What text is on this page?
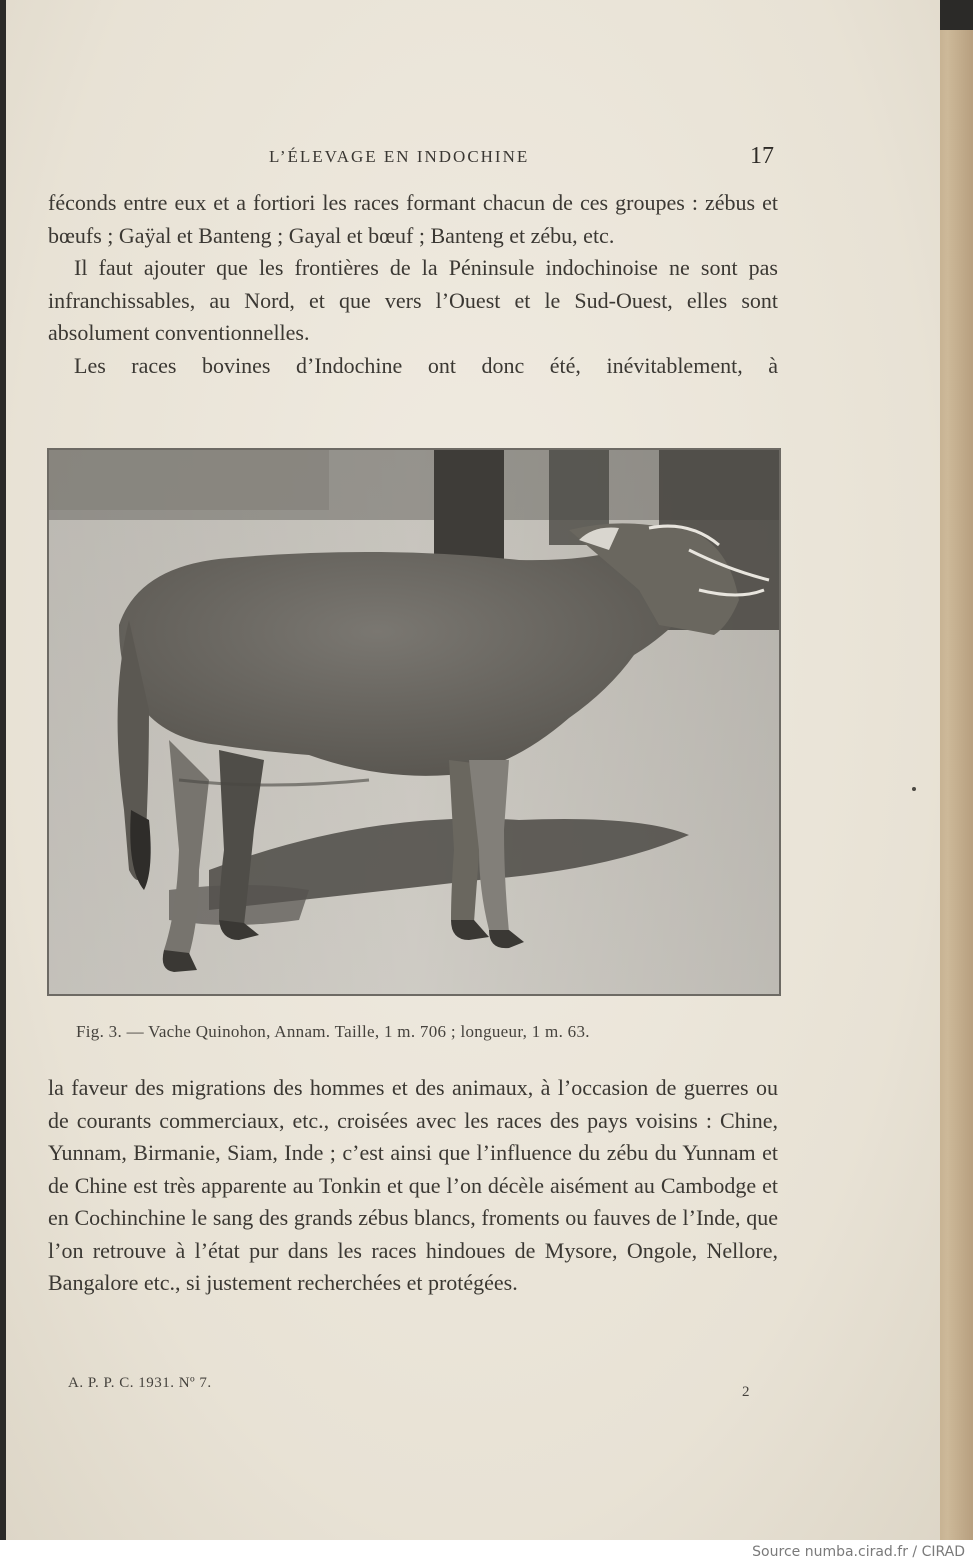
L’ÉLEVAGE EN INDOCHINE	17

féconds entre eux et a fortiori les races formant chacun de ces groupes : zébus et bœufs ; Gaÿal et Banteng ; Gayal et bœuf ; Banteng et zébu, etc.

Il faut ajouter que les frontières de la Péninsule indochinoise ne sont pas infranchissables, au Nord, et que vers l’Ouest et le Sud-Ouest, elles sont absolument conventionnelles.

Les races bovines d’Indochine ont donc été, inévitablement, à

Fig. 3. — Vache Quinohon, Annam. Taille, 1 m. 706 ; longueur, 1 m. 63.

la faveur des migrations des hommes et des animaux, à l’occasion de guerres ou de courants commerciaux, etc., croisées avec les races des pays voisins : Chine, Yunnam, Birmanie, Siam, Inde ; c’est ainsi que l’influence du zébu du Yunnam et de Chine est très apparente au Tonkin et que l’on décèle aisément au Cambodge et en Cochinchine le sang des grands zébus blancs, froments ou fauves de l’Inde, que l’on retrouve à l’état pur dans les races hindoues de Mysore, Ongole, Nellore, Bangalore etc., si justement recherchées et protégées.

A. P. P. C. 1931. Nº 7.
2
Source numba.cirad.fr / CIRAD
